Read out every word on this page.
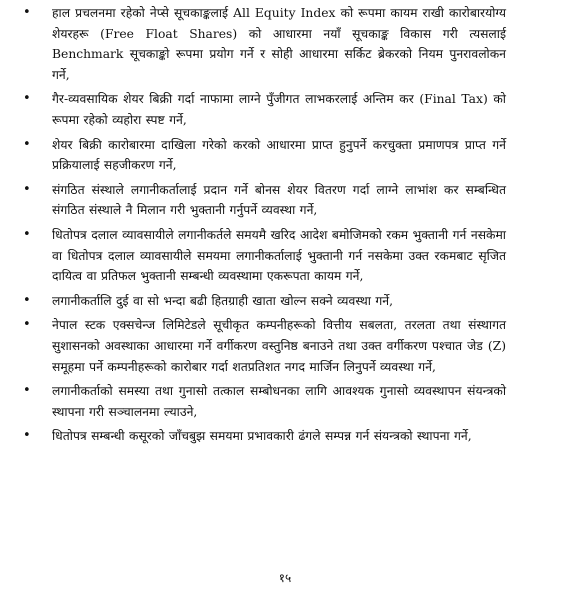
• हाल प्रचलनमा रहेको नेप्से सूचकाङ्कलाई All Equity Index को रूपमा कायम राखी कारोबारयोग्य शेयरहरू (Free Float Shares) को आधारमा नयाँ सूचकाङ्क विकास गरी त्यसलाई Benchmark सूचकाङ्को रूपमा प्रयोग गर्ने र सोही आधारमा सर्किट ब्रेकरको नियम पुनरावलोकन गर्ने,
• गैर-व्यवसायिक शेयर बिक्री गर्दा नाफामा लाग्ने पुँजीगत लाभकरलाई अन्तिम कर (Final Tax) को रूपमा रहेको व्यहोरा स्पष्ट गर्ने,
• शेयर बिक्री कारोबारमा दाखिला गरेको करको आधारमा प्राप्त हुनुपर्ने करचुक्ता प्रमाणपत्र प्राप्त गर्ने प्रक्रियालाई सहजीकरण गर्ने,
• संगठित संस्थाले लगानीकर्तालाई प्रदान गर्ने बोनस शेयर वितरण गर्दा लाग्ने लाभांश कर सम्बन्धित संगठित संस्थाले नै मिलान गरी भुक्तानी गर्नुपर्ने व्यवस्था गर्ने,
• धितोपत्र दलाल व्यावसायीले लगानीकर्तले समयमै खरिद आदेश बमोजिमको रकम भुक्तानी गर्न नसकेमा वा धितोपत्र दलाल व्यावसायीले समयमा लगानीकर्तालाई भुक्तानी गर्न नसकेमा उक्त रकमबाट सृजित दायित्व वा प्रतिफल भुक्तानी सम्बन्धी व्यवस्थामा एकरूपता कायम गर्ने,
• लगानीकर्तालि दुई वा सो भन्दा बढी हितग्राही खाता खोल्न सक्ने व्यवस्था गर्ने,
• नेपाल स्टक एक्सचेन्ज लिमिटेडले सूचीकृत कम्पनीहरूको वित्तीय सबलता, तरलता तथा संस्थागत सुशासनको अवस्थाका आधारमा गर्ने वर्गीकरण वस्तुनिष्ठ बनाउने तथा उक्त वर्गीकरण पश्चात जेड (Z) समूहमा पर्ने कम्पनीहरूको कारोबार गर्दा शतप्रतिशत नगद मार्जिन लिनुपर्ने व्यवस्था गर्ने,
• लगानीकर्ताको समस्या तथा गुनासो तत्काल सम्बोधनका लागि आवश्यक गुनासो व्यवस्थापन संयन्त्रको स्थापना गरी सञ्चालनमा ल्याउने,
• धितोपत्र सम्बन्धी कसूरको जाँचबुझ समयमा प्रभावकारी ढंगले सम्पन्न गर्न संयन्त्रको स्थापना गर्ने,
१५
